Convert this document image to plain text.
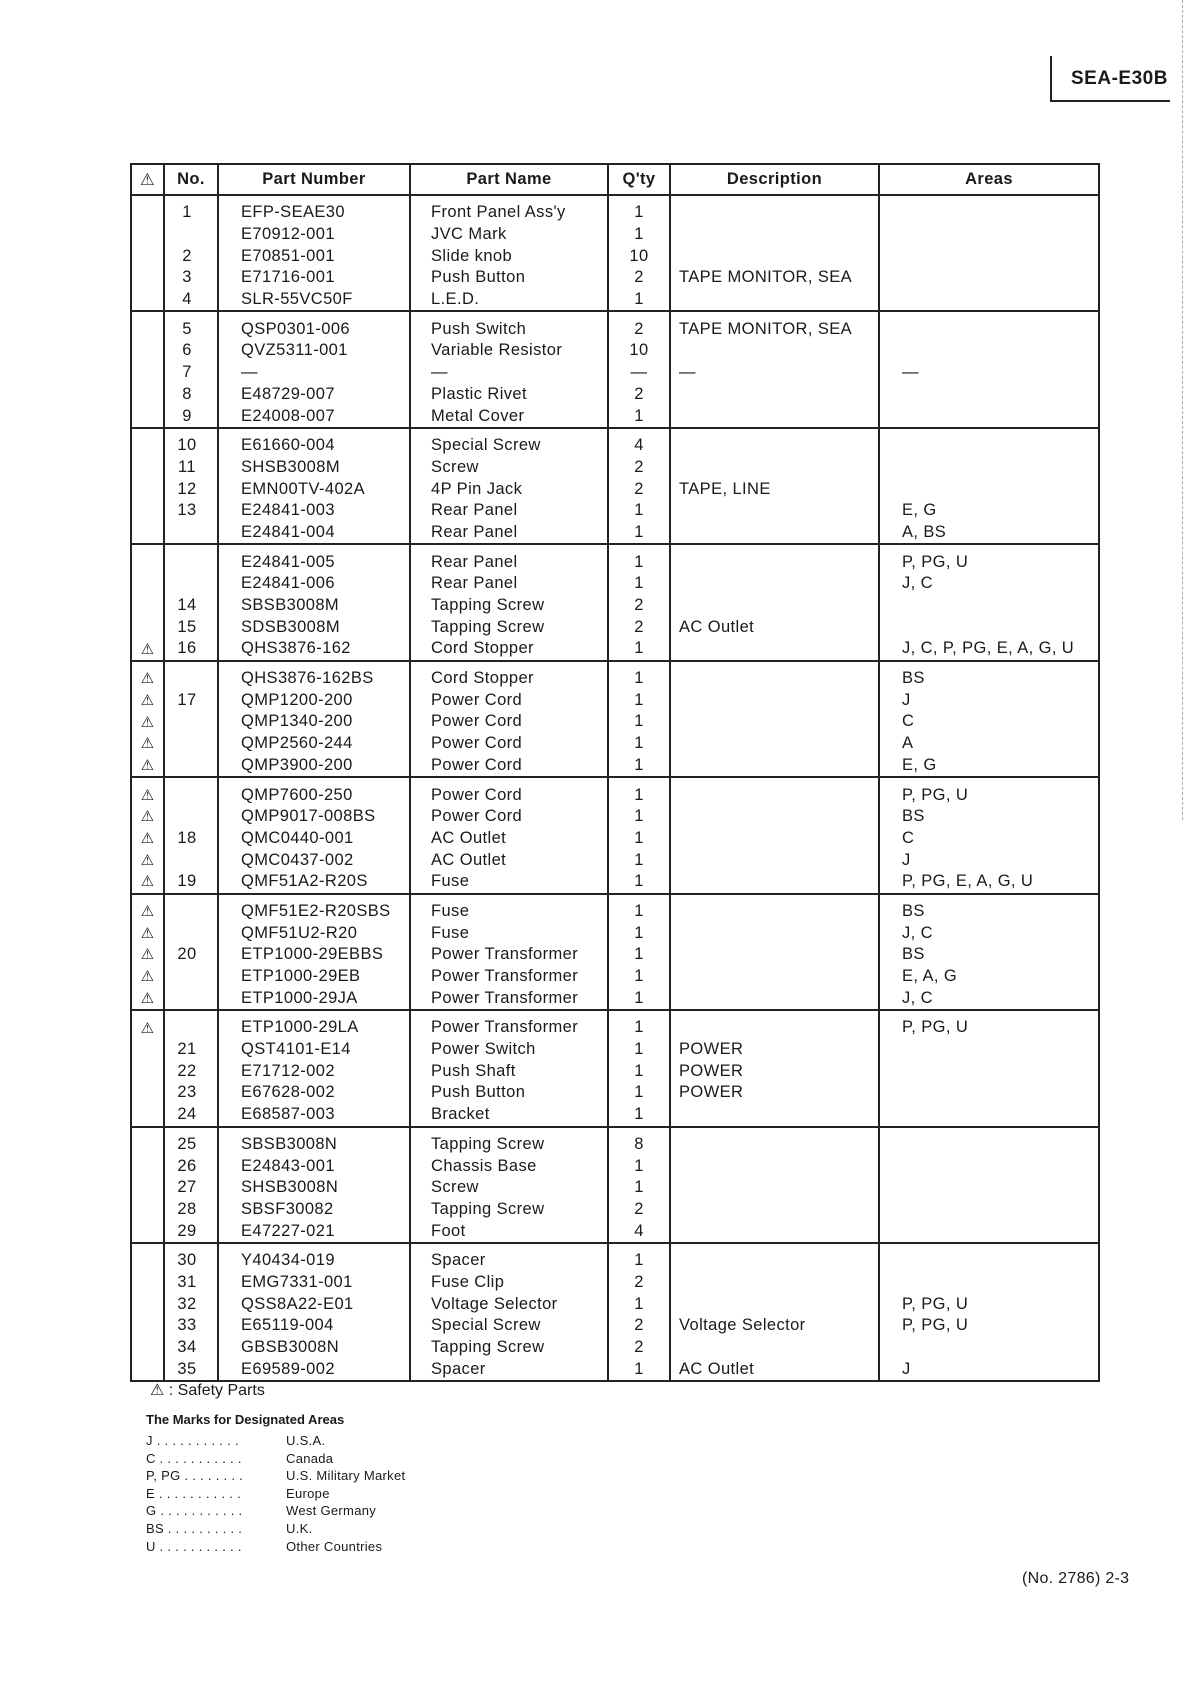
SEA-E30B
⚠	No.	Part Number	Part Name	Q'ty	Description	Areas
	1	EFP-SEAE30	Front Panel Ass'y	1		
		E70912-001	JVC Mark	1		
	2	E70851-001	Slide knob	10		
	3	E71716-001	Push Button	2	TAPE MONITOR, SEA	
	4	SLR-55VC50F	L.E.D.	1		
	5	QSP0301-006	Push Switch	2	TAPE MONITOR, SEA	
	6	QVZ5311-001	Variable Resistor	10		
	7	—	—	—	—	—
	8	E48729-007	Plastic Rivet	2		
	9	E24008-007	Metal Cover	1		
	10	E61660-004	Special Screw	4		
	11	SHSB3008M	Screw	2		
	12	EMN00TV-402A	4P Pin Jack	2	TAPE, LINE	
	13	E24841-003	Rear Panel	1		E, G
		E24841-004	Rear Panel	1		A, BS
		E24841-005	Rear Panel	1		P, PG, U
		E24841-006	Rear Panel	1		J, C
	14	SBSB3008M	Tapping Screw	2		
	15	SDSB3008M	Tapping Screw	2	AC Outlet	
⚠	16	QHS3876-162	Cord Stopper	1		J, C, P, PG, E, A, G, U
⚠		QHS3876-162BS	Cord Stopper	1		BS
⚠	17	QMP1200-200	Power Cord	1		J
⚠		QMP1340-200	Power Cord	1		C
⚠		QMP2560-244	Power Cord	1		A
⚠		QMP3900-200	Power Cord	1		E, G
⚠		QMP7600-250	Power Cord	1		P, PG, U
⚠		QMP9017-008BS	Power Cord	1		BS
⚠	18	QMC0440-001	AC Outlet	1		C
⚠		QMC0437-002	AC Outlet	1		J
⚠	19	QMF51A2-R20S	Fuse	1		P, PG, E, A, G, U
⚠		QMF51E2-R20SBS	Fuse	1		BS
⚠		QMF51U2-R20	Fuse	1		J, C
⚠	20	ETP1000-29EBBS	Power Transformer	1		BS
⚠		ETP1000-29EB	Power Transformer	1		E, A, G
⚠		ETP1000-29JA	Power Transformer	1		J, C
⚠		ETP1000-29LA	Power Transformer	1		P, PG, U
	21	QST4101-E14	Power Switch	1	POWER	
	22	E71712-002	Push Shaft	1	POWER	
	23	E67628-002	Push Button	1	POWER	
	24	E68587-003	Bracket	1		
	25	SBSB3008N	Tapping Screw	8		
	26	E24843-001	Chassis Base	1		
	27	SHSB3008N	Screw	1		
	28	SBSF30082	Tapping Screw	2		
	29	E47227-021	Foot	4		
	30	Y40434-019	Spacer	1		
	31	EMG7331-001	Fuse Clip	2		
	32	QSS8A22-E01	Voltage Selector	1		P, PG, U
	33	E65119-004	Special Screw	2	Voltage Selector	P, PG, U
	34	GBSB3008N	Tapping Screw	2		
	35	E69589-002	Spacer	1	AC Outlet	J
⚠ : Safety Parts
The Marks for Designated Areas
J . . . . . . . . . . .	U.S.A.
C . . . . . . . . . . .	Canada
P, PG . . . . . . . .	U.S. Military Market
E . . . . . . . . . . .	Europe
G . . . . . . . . . . .	West Germany
BS . . . . . . . . . .	U.K.
U . . . . . . . . . . .	Other Countries
(No. 2786) 2-3
